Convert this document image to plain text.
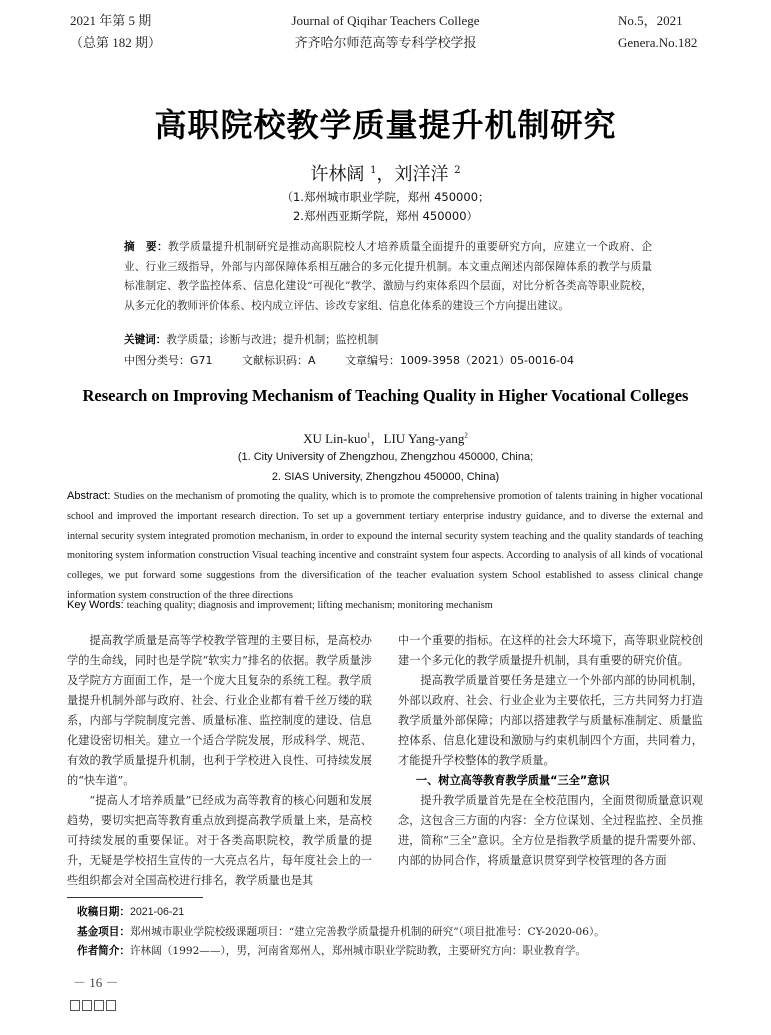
2021 年第 5 期
（总第 182 期）
Journal of Qiqihar Teachers College
齐齐哈尔师范高等专科学校学报
No.5，2021
Genera.No.182
高职院校教学质量提升机制研究
许林阔 $^1$，刘洋洋 $^2$
（1.郑州城市职业学院，郑州 450000；
2.郑州西亚斯学院，郑州 450000）
摘　要：教学质量提升机制研究是推动高职院校人才培养质量全面提升的重要研究方向，应建立一个政府、企业、行业三级指导，外部与内部保障体系相互融合的多元化提升机制。本文重点阐述内部保障体系的教学与质量标准制定、教学监控体系、信息化建设“可视化”教学、激励与约束体系四个层面，对比分析各类高等职业院校，从多元化的教师评价体系、校内成立评估、诊改专家组、信息化体系的建设三个方向提出建议。
关键词：教学质量；诊断与改进；提升机制；监控机制
中图分类号：G71	文献标识码：A	文章编号：1009-3958（2021）05-0016-04
Research on Improving Mechanism of Teaching Quality in Higher Vocational Colleges
XU Lin-kuo$^1$，LIU Yang-yang$^2$
(1. City University of Zhengzhou, Zhengzhou 450000, China;
2. SIAS University, Zhengzhou 450000, China)
Abstract: Studies on the mechanism of promoting the quality, which is to promote the comprehensive promotion of talents training in higher vocational school and improved the important research direction. To set up a government tertiary enterprise industry guidance, and to diverse the external and internal security system integrated promotion mechanism, in order to expound the internal security system teaching and the quality standards of teaching monitoring system information construction Visual teaching incentive and constraint system four aspects. According to analysis of all kinds of vocational colleges, we put forward some suggestions from the diversification of the teacher evaluation system School established to assess clinical change information system construction of the three directions
Key Words: teaching quality; diagnosis and improvement; lifting mechanism; monitoring mechanism

提高教学质量是高等学校教学管理的主要目标，是高校办学的生命线，同时也是学院“软实力”排名的依据。教学质量涉及学院方方面面工作，是一个庞大且复杂的系统工程。教学质量提升机制外部与政府、社会、行业企业都有着千丝万缕的联系，内部与学院制度完善、质量标准、监控制度的建设、信息化建设密切相关。建立一个适合学院发展，形成科学、规范、有效的教学质量提升机制，也利于学校进入良性、可持续发展的“快车道”。

“提高人才培养质量”已经成为高等教育的核心问题和发展趋势，要切实把高等教育重点放到提高教学质量上来，是高校可持续发展的重要保证。对于各类高职院校，教学质量的提升，无疑是学校招生宣传的一大亮点名片，每年度社会上的一些组织都会对全国高校进行排名，教学质量也是其

中一个重要的指标。在这样的社会大环境下，高等职业院校创建一个多元化的教学质量提升机制，具有重要的研究价值。

提高教学质量首要任务是建立一个外部内部的协同机制，外部以政府、社会、行业企业为主要依托，三方共同努力打造教学质量外部保障；内部以搭建教学与质量标准制定、质量监控体系、信息化建设和激励与约束机制四个方面，共同着力，才能提升学校整体的教学质量。

一、树立高等教育教学质量“三全”意识

提升教学质量首先是在全校范围内，全面贯彻质量意识观念，这包含三方面的内容：全方位谋划、全过程监控、全员推进，简称“三全”意识。全方位是指教学质量的提升需要外部、内部的协同合作，将质量意识贯穿到学校管理的各方面

收稿日期：2021-06-21
基金项目：郑州城市职业学院校级课题项目：“建立完善教学质量提升机制的研究”（项目批准号：CY-2020-06）。
作者简介：许林阔（1992——），男，河南省郑州人，郑州城市职业学院助教，主要研究方向：职业教育学。
－ 16 －
